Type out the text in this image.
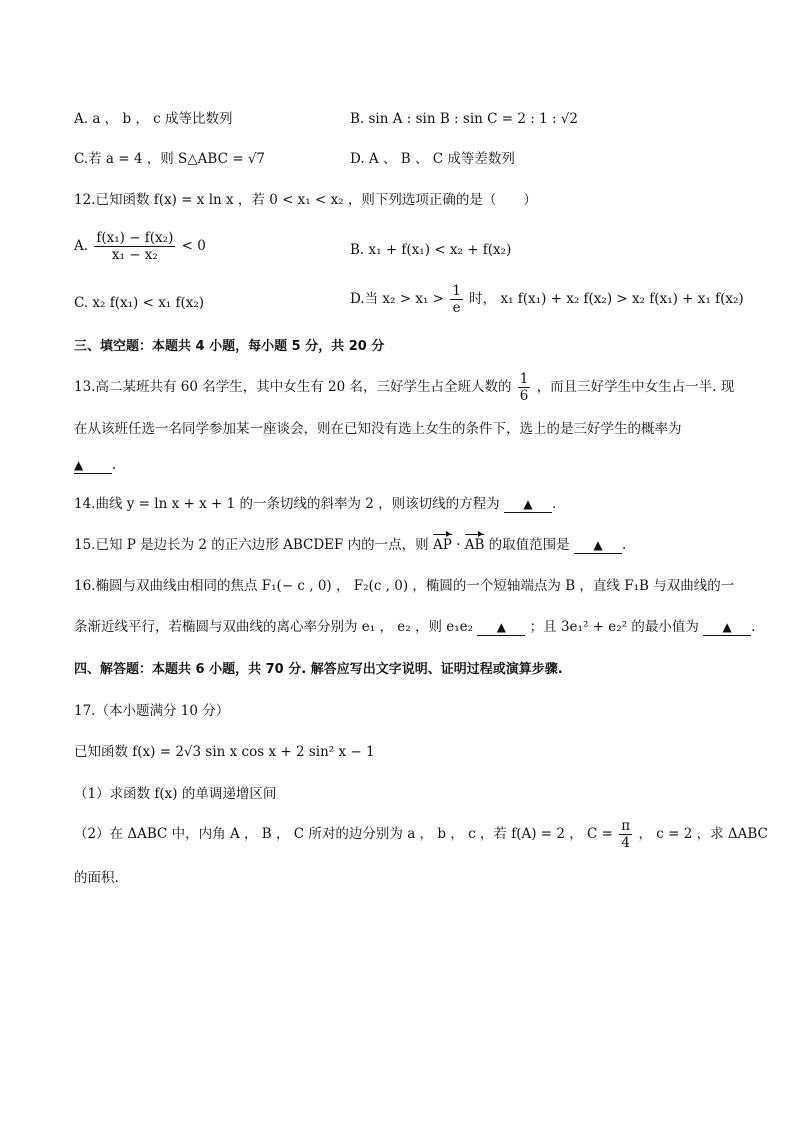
A. a ， b ， c 成等比数列	B. sin A : sin B : sin C = 2 : 1 : √2
C.若 a = 4 ，则 S△ABC = √7	D. A 、 B 、 C 成等差数列
12.已知函数 f(x) = x ln x ，若 0 < x₁ < x₂ ，则下列选项正确的是（　　）
A. $\frac{\text{f(x₁) − f(x₂)}}{\text{x₁ − x₂}} < 0$	B. x₁ + f(x₁) < x₂ + f(x₂)
C. x₂ f(x₁) < x₁ f(x₂)	D.当 $x_2 > x_1 > \frac{1}{e}$ 时， x₁ f(x₁) + x₂ f(x₂) > x₂ f(x₁) + x₁ f(x₂)
三、填空题：本题共 4 小题，每小题 5 分，共 20 分
13.高二某班共有 60 名学生，其中女生有 20 名，三好学生占全班人数的 $\frac{1}{6}$ ，而且三好学生中女生占一半. 现
在从该班任选一名同学参加某一座谈会，则在已知没有选上女生的条件下，选上的是三好学生的概率为
▲ .
14.曲线 y = ln x + x + 1 的一条切线的斜率为 2 ，则该切线的方程为 ▲ .
15.已知 P 是边长为 2 的正六边形 ABCDEF 内的一点，则 AP · AB 的取值范围是 ▲ .
16.椭圆与双曲线由相同的焦点 F₁(− c , 0) ， F₂(c , 0) ，椭圆的一个短轴端点为 B ，直线 F₁B 与双曲线的一
条渐近线平行，若椭圆与双曲线的离心率分别为 e₁ ， e₂ ，则 e₁e₂ ▲ ；且 3e₁² + e₂² 的最小值为 ▲ .
四、解答题：本题共 6 小题，共 70 分. 解答应写出文字说明、证明过程或演算步骤.
17.（本小题满分 10 分）
已知函数 f(x) = 2√3 sin x cos x + 2 sin² x − 1
（1）求函数 f(x) 的单调递增区间
（2）在 ΔABC 中，内角 A ， B ， C 所对的边分别为 a ， b ， c ，若 f(A) = 2 ， $C = \frac{\pi}{4}$ ， c = 2 ，求 ΔABC
的面积.
